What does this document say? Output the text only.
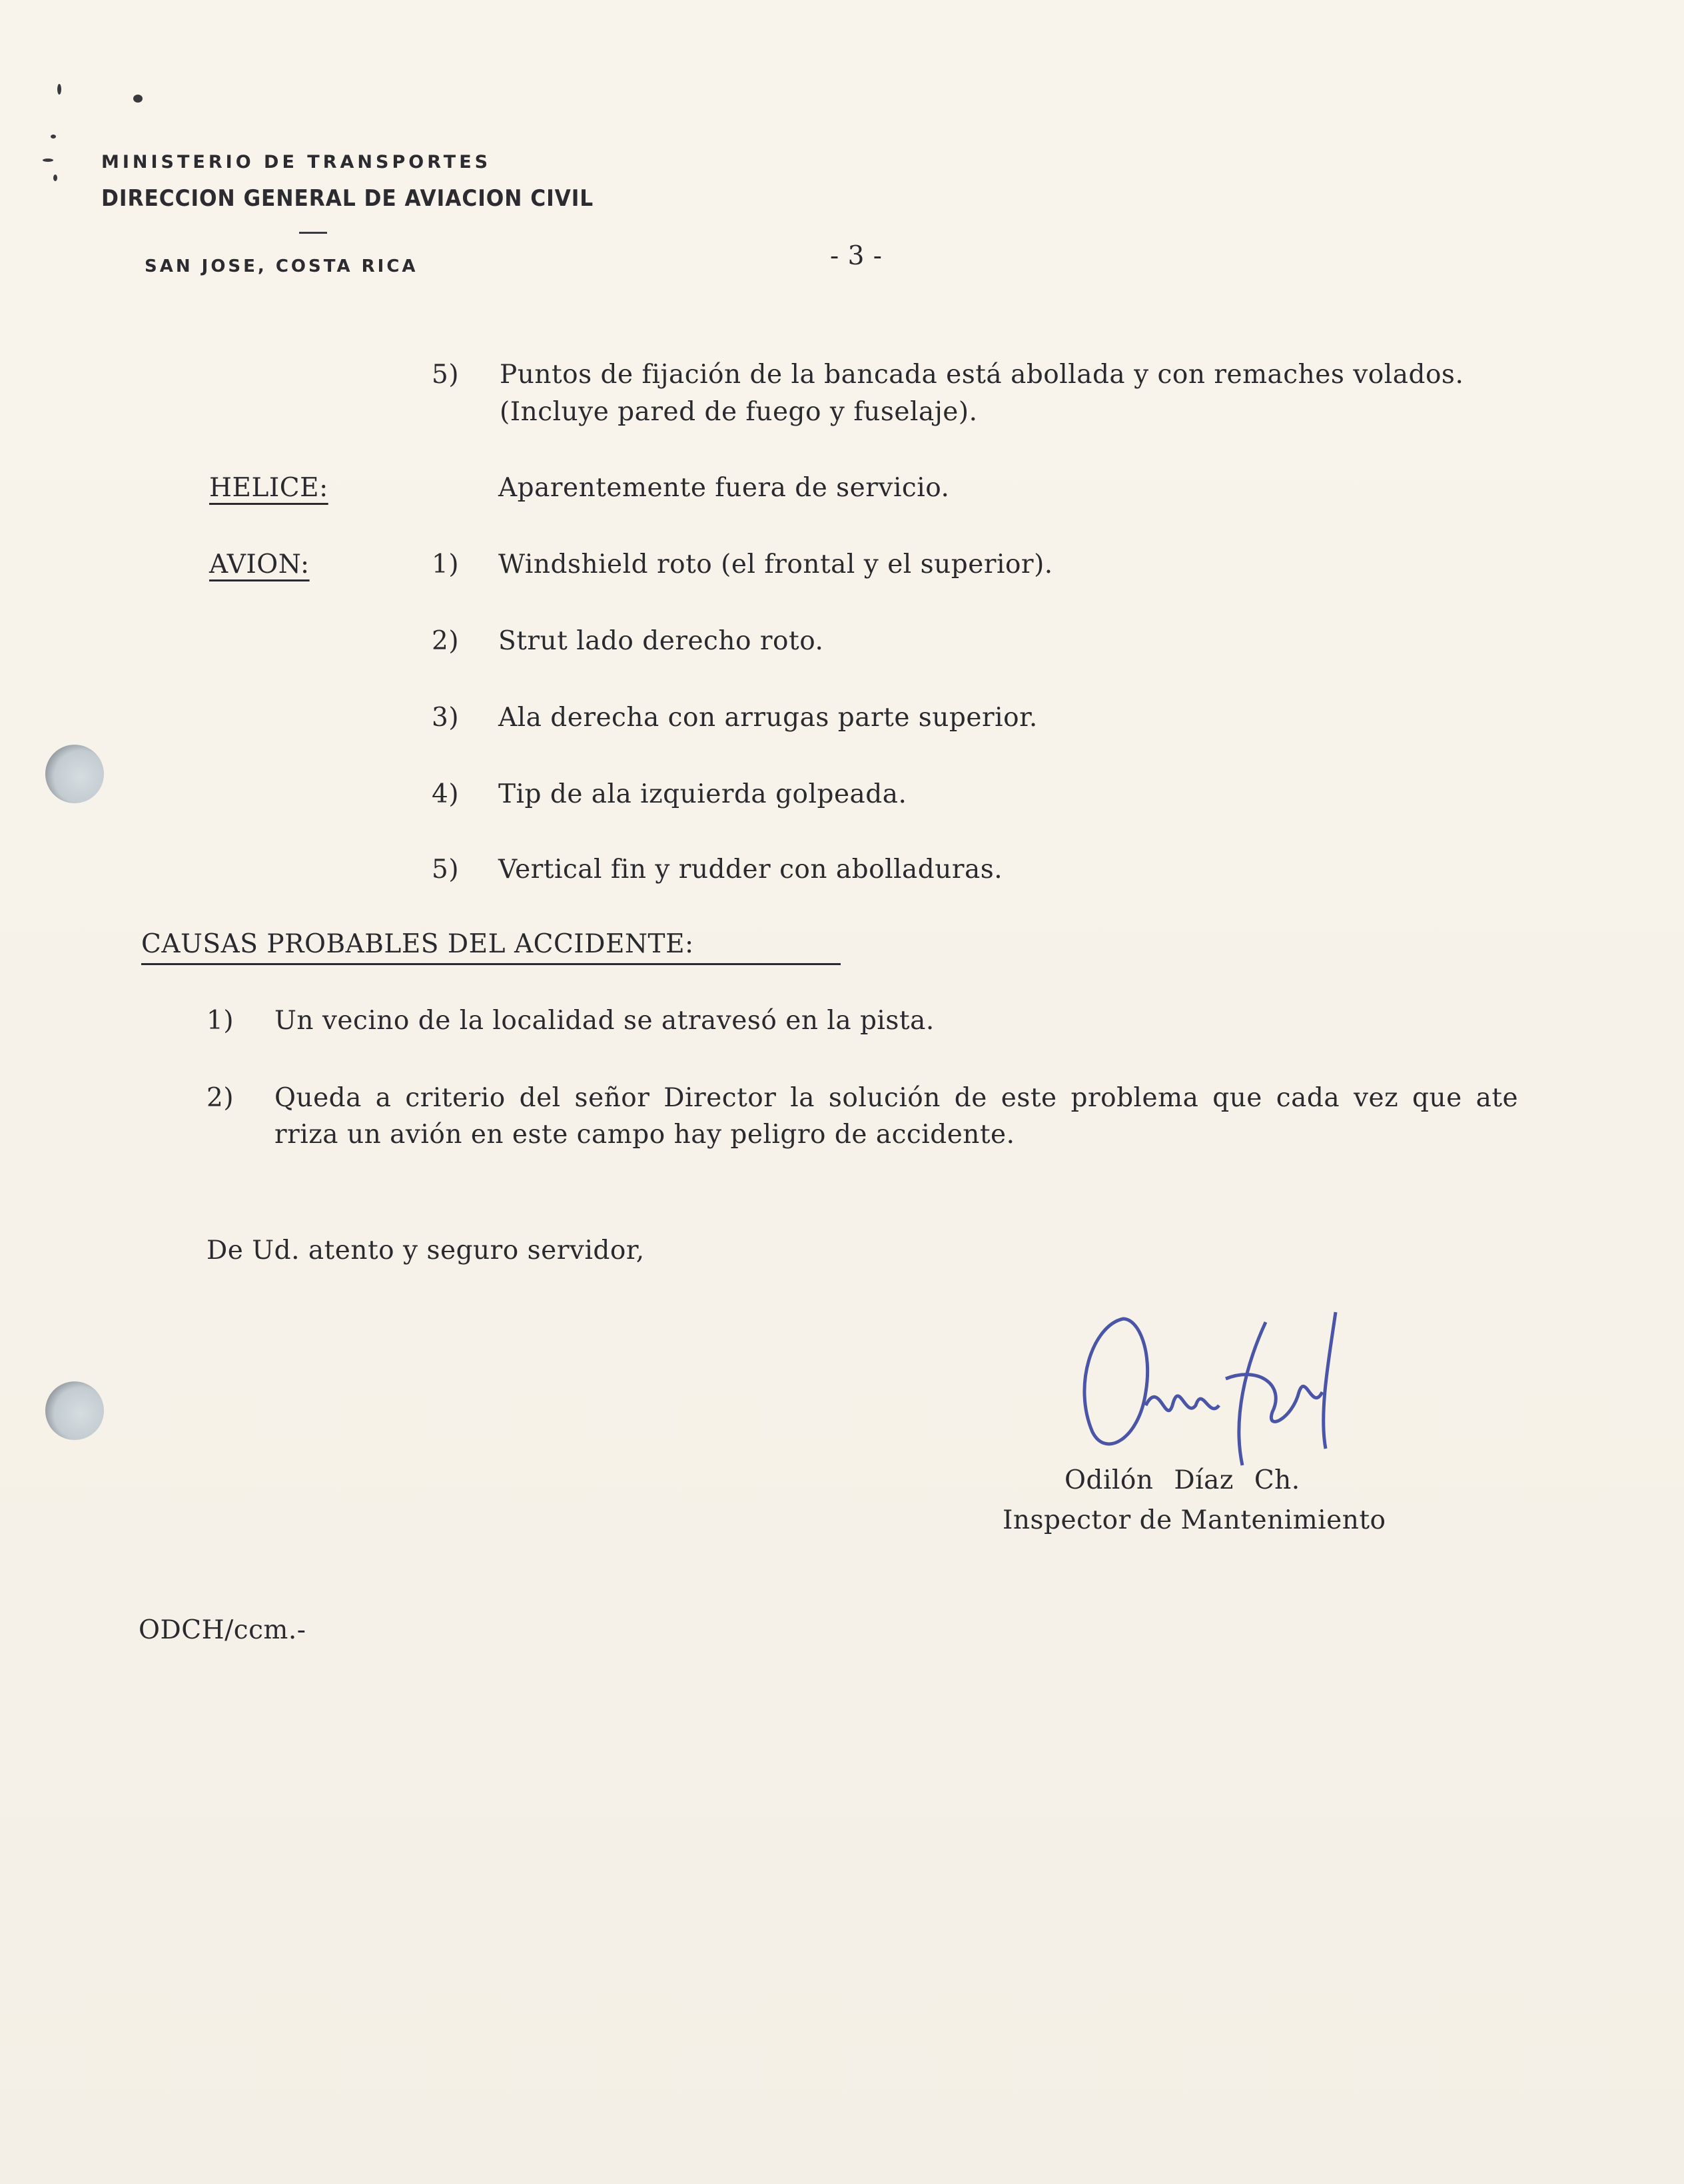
MINISTERIO DE TRANSPORTES
DIRECCION GENERAL DE AVIACION CIVIL
SAN JOSE, COSTA RICA	- 3 -
5) Puntos de fijación de la bancada está abollada y con remaches volados.
(Incluye pared de fuego y fuselaje).
HELICE:	Aparentemente fuera de servicio.
AVION:	1) Windshield roto (el frontal y el superior).
2) Strut lado derecho roto.
3) Ala derecha con arrugas parte superior.
4) Tip de ala izquierda golpeada.
5) Vertical fin y rudder con abolladuras.
CAUSAS PROBABLES DEL ACCIDENTE:
1) Un vecino de la localidad se atravesó en la pista.
2) Queda a criterio del señor Director la solución de este problema que cada vez que ate
rriza un avión en este campo hay peligro de accidente.
De Ud. atento y seguro servidor,
Odilón Díaz Ch.
Inspector de Mantenimiento
ODCH/ccm.-
